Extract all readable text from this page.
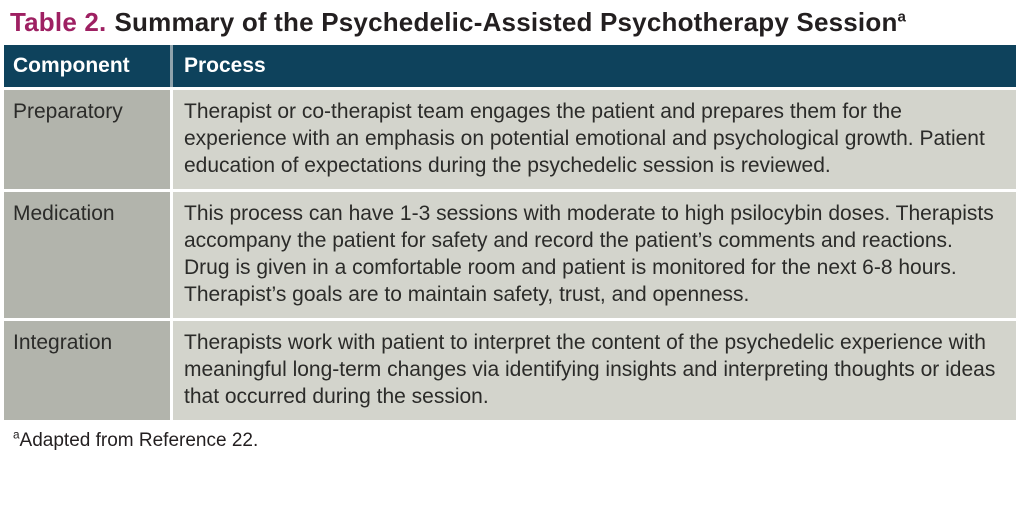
Table 2. Summary of the Psychedelic-Assisted Psychotherapy Session$^a$
Component	Process
Preparatory	Therapist or co-therapist team engages the patient and prepares them for the experience with an emphasis on potential emotional and psychological growth. Patient education of expectations during the psychedelic session is reviewed.
Medication	This process can have 1-3 sessions with moderate to high psilocybin doses. Therapists accompany the patient for safety and record the patient’s comments and reactions. Drug is given in a comfortable room and patient is monitored for the next 6-8 hours. Therapist’s goals are to maintain safety, trust, and openness.
Integration	Therapists work with patient to interpret the content of the psychedelic experience with meaningful long-term changes via identifying insights and interpreting thoughts or ideas that occurred during the session.
$^a$Adapted from Reference 22.
